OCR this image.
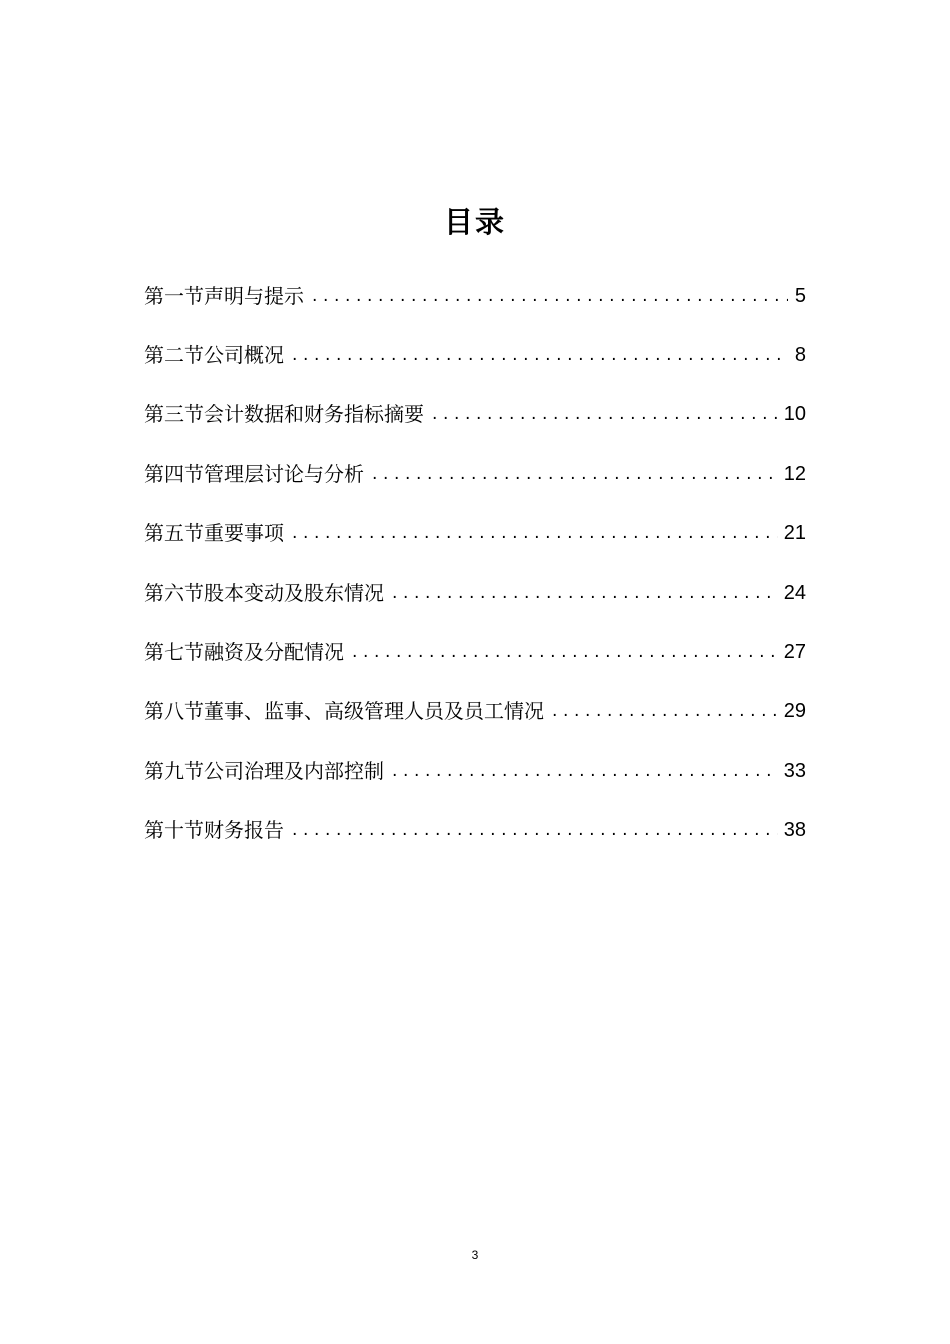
目录
第一节声明与提示 .....	5
第二节公司概况 .....	8
第三节会计数据和财务指标摘要 .....	10
第四节管理层讨论与分析 .....	12
第五节重要事项 .....	21
第六节股本变动及股东情况 .....	24
第七节融资及分配情况 .....	27
第八节董事、监事、高级管理人员及员工情况 .....	29
第九节公司治理及内部控制 .....	33
第十节财务报告 .....	38
3
